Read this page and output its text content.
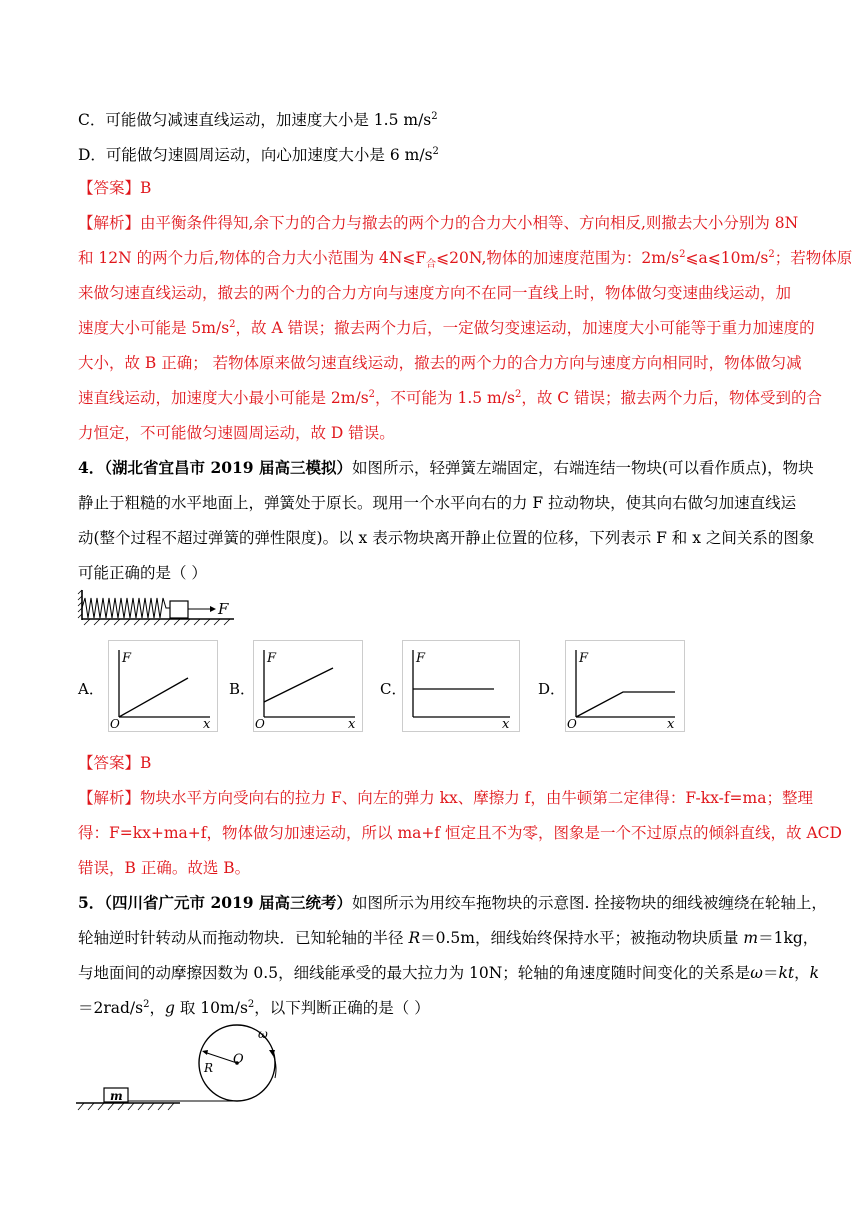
C．可能做匀减速直线运动，加速度大小是 1.5 $m/s^2$
D．可能做匀速圆周运动，向心加速度大小是 6 $m/s^2$
【答案】B
【解析】由平衡条件得知,余下力的合力与撤去的两个力的合力大小相等、方向相反,则撤去大小分别为 8N
和 12N 的两个力后,物体的合力大小范围为 $4N⩽F_合⩽20N$,物体的加速度范围为：$2m/s^2⩽a⩽10m/s^2$；若物体原
来做匀速直线运动，撤去的两个力的合力方向与速度方向不在同一直线上时，物体做匀变速曲线运动，加
速度大小可能是 $5m/s^2$，故 A 错误；撤去两个力后，一定做匀变速运动，加速度大小可能等于重力加速度的
大小，故 B 正确； 若物体原来做匀速直线运动，撤去的两个力的合力方向与速度方向相同时，物体做匀减
速直线运动，加速度大小最小可能是 $2m/s^2$，不可能为 1.5 $m/s^2$，故 C 错误；撤去两个力后，物体受到的合
力恒定，不可能做匀速圆周运动，故 D 错误。
4．（湖北省宜昌市 2019 届高三模拟）如图所示，轻弹簧左端固定，右端连结一物块(可以看作质点)，物块
静止于粗糙的水平地面上，弹簧处于原长。现用一个水平向右的力 F 拉动物块，使其向右做匀加速直线运
动(整个过程不超过弹簧的弹性限度)。以 x 表示物块离开静止位置的位移，下列表示 F 和 x 之间关系的图象
可能正确的是（ ）
F
A．
F
x
O
B．
F
x
O
C．
F
x
D．
F
x
O
【答案】B
【解析】物块水平方向受向右的拉力 F、向左的弹力 kx、摩擦力 f，由牛顿第二定律得：F-kx-f=ma；整理
得：F=kx+ma+f，物体做匀加速运动，所以 ma+f 恒定且不为零，图象是一个不过原点的倾斜直线，故 ACD
错误，B 正确。故选 B。
5．（四川省广元市 2019 届高三统考）如图所示为用绞车拖物块的示意图. 拴接物块的细线被缠绕在轮轴上，
轮轴逆时针转动从而拖动物块．已知轮轴的半径 R＝0.5m，细线始终保持水平；被拖动物块质量 m＝1kg，
与地面间的动摩擦因数为 0.5，细线能承受的最大拉力为 10N；轮轴的角速度随时间变化的关系是ω＝kt，k
$=2rad/s^2$，g 取 $10m/s^2$，以下判断正确的是（ ）
O
R
ω
m
